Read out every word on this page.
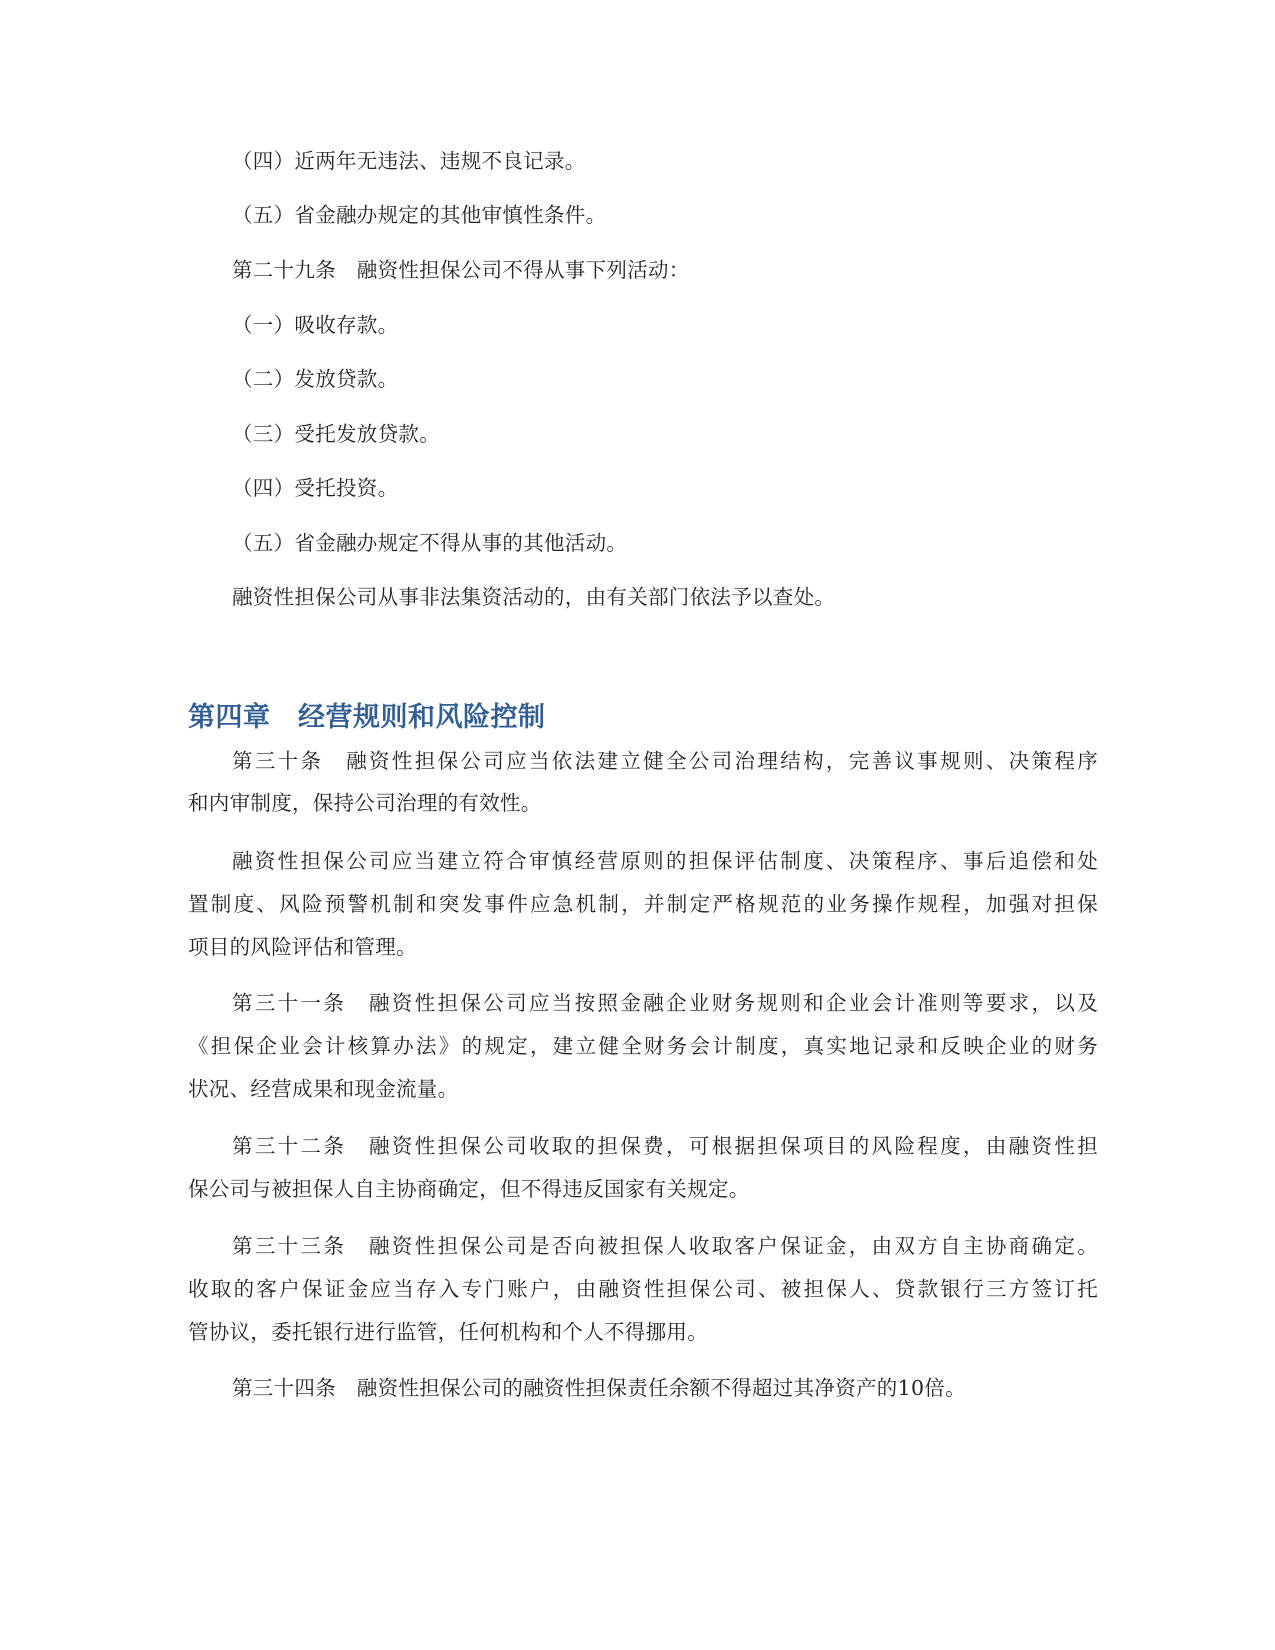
（四）近两年无违法、违规不良记录。
（五）省金融办规定的其他审慎性条件。
第二十九条　融资性担保公司不得从事下列活动：
（一）吸收存款。
（二）发放贷款。
（三）受托发放贷款。
（四）受托投资。
（五）省金融办规定不得从事的其他活动。
融资性担保公司从事非法集资活动的，由有关部门依法予以查处。
第四章　经营规则和风险控制
第三十条　融资性担保公司应当依法建立健全公司治理结构，完善议事规则、决策程序
和内审制度，保持公司治理的有效性。
融资性担保公司应当建立符合审慎经营原则的担保评估制度、决策程序、事后追偿和处
置制度、风险预警机制和突发事件应急机制，并制定严格规范的业务操作规程，加强对担保
项目的风险评估和管理。
第三十一条　融资性担保公司应当按照金融企业财务规则和企业会计准则等要求，以及
《担保企业会计核算办法》的规定，建立健全财务会计制度，真实地记录和反映企业的财务
状况、经营成果和现金流量。
第三十二条　融资性担保公司收取的担保费，可根据担保项目的风险程度，由融资性担
保公司与被担保人自主协商确定，但不得违反国家有关规定。
第三十三条　融资性担保公司是否向被担保人收取客户保证金，由双方自主协商确定。
收取的客户保证金应当存入专门账户，由融资性担保公司、被担保人、贷款银行三方签订托
管协议，委托银行进行监管，任何机构和个人不得挪用。
第三十四条　融资性担保公司的融资性担保责任余额不得超过其净资产的10倍。
